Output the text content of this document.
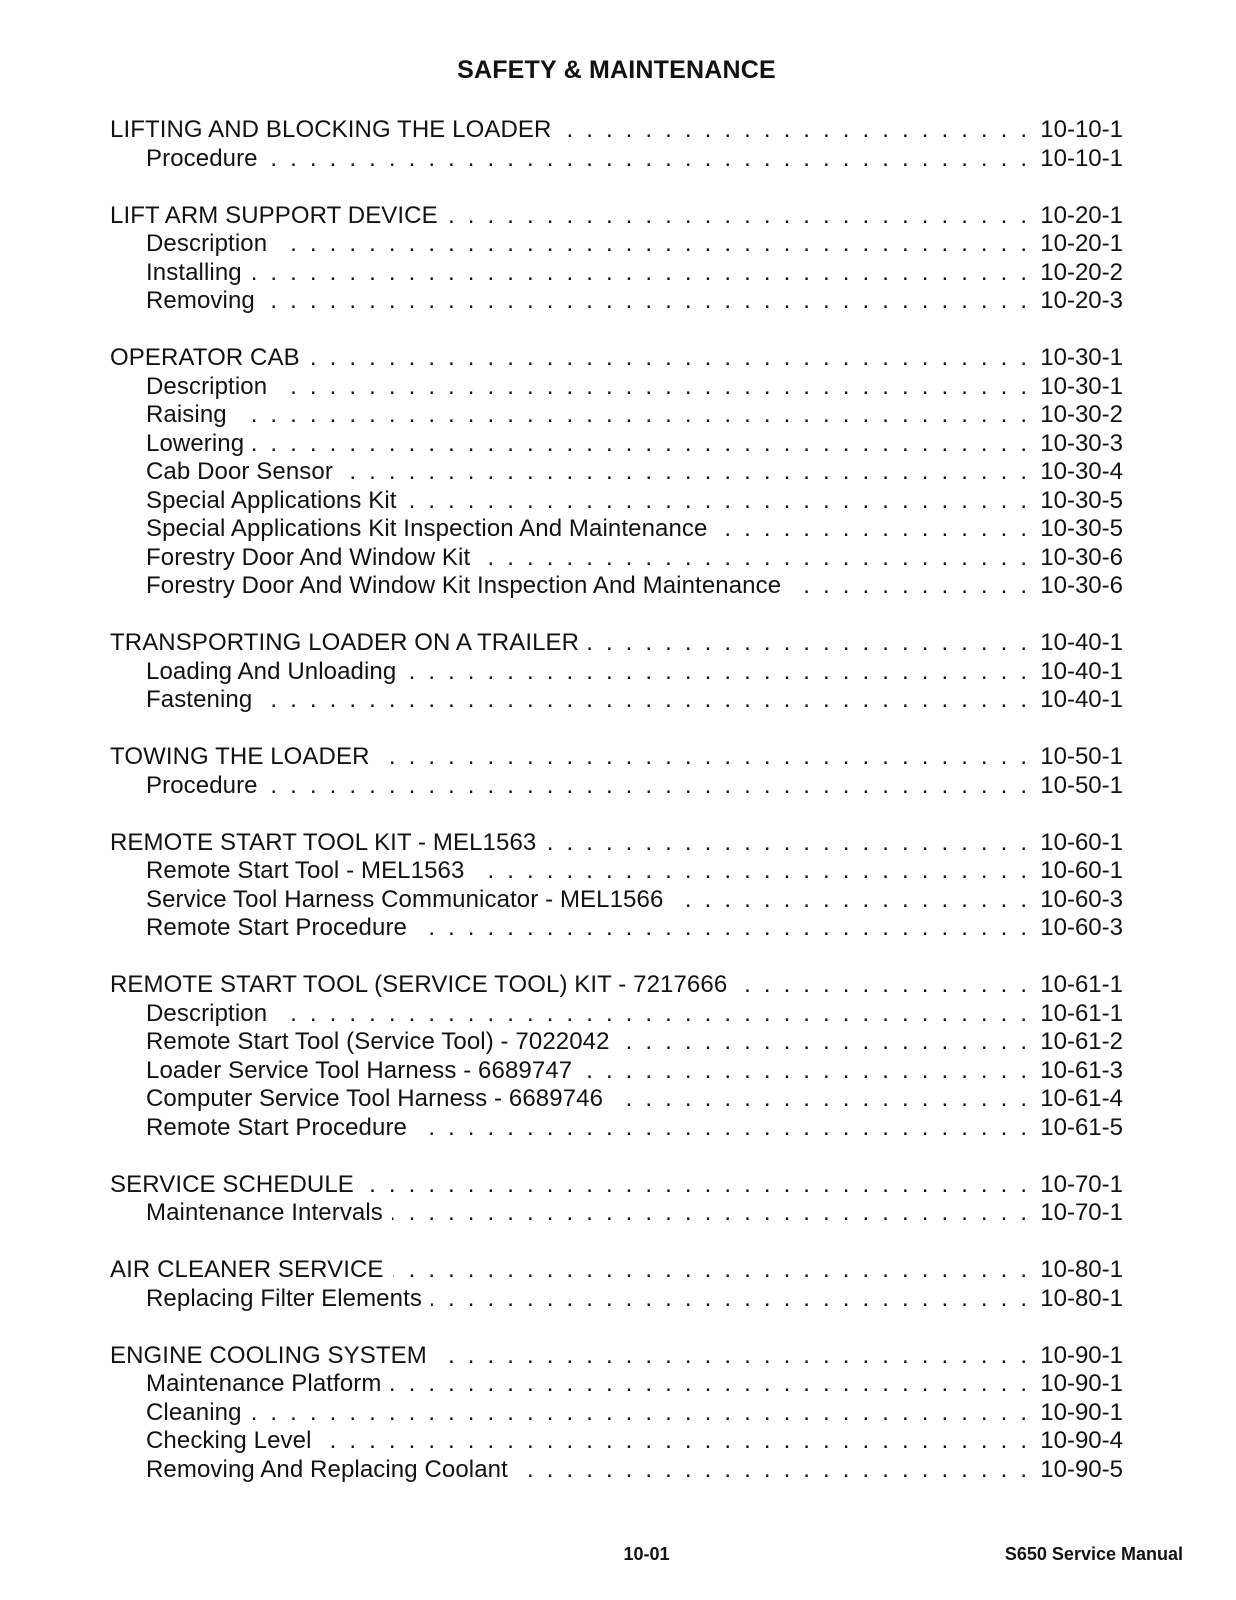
SAFETY & MAINTENANCE
LIFTING AND BLOCKING THE LOADER . . .	10-10-1
Procedure . . .	10-10-1
LIFT ARM SUPPORT DEVICE . . .	10-20-1
Description . . .	10-20-1
Installing . . .	10-20-2
Removing . . .	10-20-3
OPERATOR CAB . . .	10-30-1
Description . . .	10-30-1
Raising . . .	10-30-2
Lowering . . .	10-30-3
Cab Door Sensor . . .	10-30-4
Special Applications Kit . . .	10-30-5
Special Applications Kit Inspection And Maintenance . . .	10-30-5
Forestry Door And Window Kit . . .	10-30-6
Forestry Door And Window Kit Inspection And Maintenance . . .	10-30-6
TRANSPORTING LOADER ON A TRAILER . . .	10-40-1
Loading And Unloading . . .	10-40-1
Fastening . . .	10-40-1
TOWING THE LOADER . . .	10-50-1
Procedure . . .	10-50-1
REMOTE START TOOL KIT - MEL1563 . . .	10-60-1
Remote Start Tool - MEL1563 . . .	10-60-1
Service Tool Harness Communicator - MEL1566 . . .	10-60-3
Remote Start Procedure . . .	10-60-3
REMOTE START TOOL (SERVICE TOOL) KIT - 7217666 . . .	10-61-1
Description . . .	10-61-1
Remote Start Tool (Service Tool) - 7022042 . . .	10-61-2
Loader Service Tool Harness - 6689747 . . .	10-61-3
Computer Service Tool Harness - 6689746 . . .	10-61-4
Remote Start Procedure . . .	10-61-5
SERVICE SCHEDULE . . .	10-70-1
Maintenance Intervals . . .	10-70-1
AIR CLEANER SERVICE . . .	10-80-1
Replacing Filter Elements . . .	10-80-1
ENGINE COOLING SYSTEM . . .	10-90-1
Maintenance Platform . . .	10-90-1
Cleaning . . .	10-90-1
Checking Level . . .	10-90-4
Removing And Replacing Coolant . . .	10-90-5
10-01	S650 Service Manual
